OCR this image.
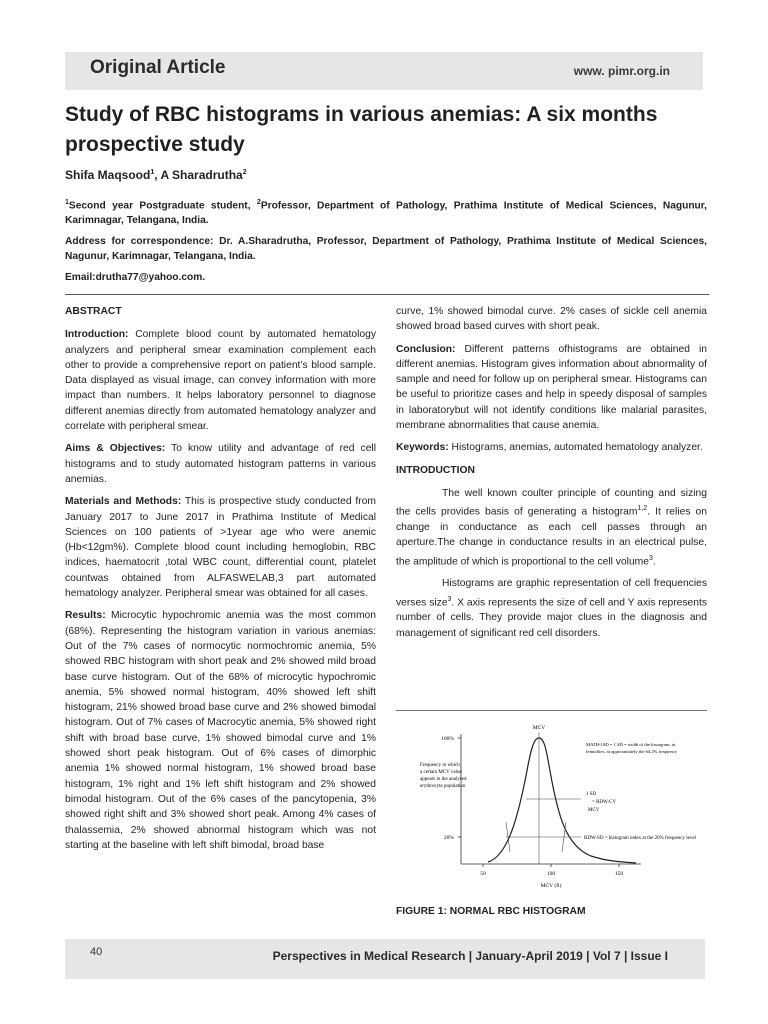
Original Article	www. pimr.org.in
Study of RBC histograms in various anemias: A six months prospective study
Shifa Maqsood$^1$, A Sharadrutha$^2$
$^1$Second year Postgraduate student, $^2$Professor, Department of Pathology, Prathima Institute of Medical Sciences, Nagunur, Karimnagar, Telangana, India.
Address for correspondence: Dr. A.Sharadrutha, Professor, Department of Pathology, Prathima Institute of Medical Sciences, Nagunur, Karimnagar, Telangana, India.
Email:drutha77@yahoo.com.
ABSTRACT

Introduction: Complete blood count by automated hematology analyzers and peripheral smear examination complement each other to provide a comprehensive report on patient’s blood sample. Data displayed as visual image, can convey information with more impact than numbers. It helps laboratory personnel to diagnose different anemias directly from automated hematology analyzer and correlate with peripheral smear.

Aims & Objectives: To know utility and advantage of red cell histograms and to study automated histogram patterns in various anemias.

Materials and Methods: This is prospective study conducted from January 2017 to June 2017 in Prathima Institute of Medical Sciences on 100 patients of >1year age who were anemic (Hb<12gm%). Complete blood count including hemoglobin, RBC indices, haematocrit ,total WBC count, differential count, platelet countwas obtained from ALFASWELAB,3 part automated hematology analyzer. Peripheral smear was obtained for all cases.

Results: Microcytic hypochromic anemia was the most common (68%). Representing the histogram variation in various anemias: Out of the 7% cases of normocytic normochromic anemia, 5% showed RBC histogram with short peak and 2% showed mild broad base curve histogram. Out of the 68% of microcytic hypochromic anemia, 5% showed normal histogram, 40% showed left shift histogram, 21% showed broad base curve and 2% showed bimodal histogram. Out of 7% cases of Macrocytic anemia, 5% showed right shift with broad base curve, 1% showed bimodal curve and 1% showed short peak histogram. Out of 6% cases of dimorphic anemia 1% showed normal histogram, 1% showed broad base histogram, 1% right and 1% left shift histogram and 2% showed bimodal histogram. Out of the 6% cases of the pancytopenia, 3% showed right shift and 3% showed short peak. Among 4% cases of thalassemia, 2% showed abnormal histogram which was not starting at the baseline with left shift bimodal, broad base

curve, 1% showed bimodal curve. 2% cases of sickle cell anemia showed broad based curves with short peak.

Conclusion: Different patterns ofhistograms are obtained in different anemias. Histogram gives information about abnormality of sample and need for follow up on peripheral smear. Histograms can be useful to prioritize cases and help in speedy disposal of samples in laboratorybut will not identify conditions like malarial parasites, membrane abnormalities that cause anemia.

Keywords: Histograms, anemias, automated hematology analyzer.

INTRODUCTION

The well known coulter principle of counting and sizing the cells provides basis of generating a histogram$^{1,2}$. It relies on change in conductance as each cell passes through an aperture.The change in conductance results in an electrical pulse, the amplitude of which is proportional to the cell volume$^3$.

Histograms are graphic representation of cell frequencies verses size$^3$. X axis represents the size of cell and Y axis represents number of cells. They provide major clues in the diagnosis and management of significant red cell disorders.

100%
20%
50	100	150
MCV (fl)
MCV
1 SD
= RDW-CV
MCV
RDW-SD = histogram index at the 20% frequency level
Frequency in which
a certain MCV value
appears in the analysed
erythrocyte population
MATH-1SD = 1 SD = width of the histogram, in
femtolites, at approximately the 64.2% frequency
FIGURE 1: NORMAL RBC HISTOGRAM
40	Perspectives in Medical Research | January-April 2019 | Vol 7 | Issue I
